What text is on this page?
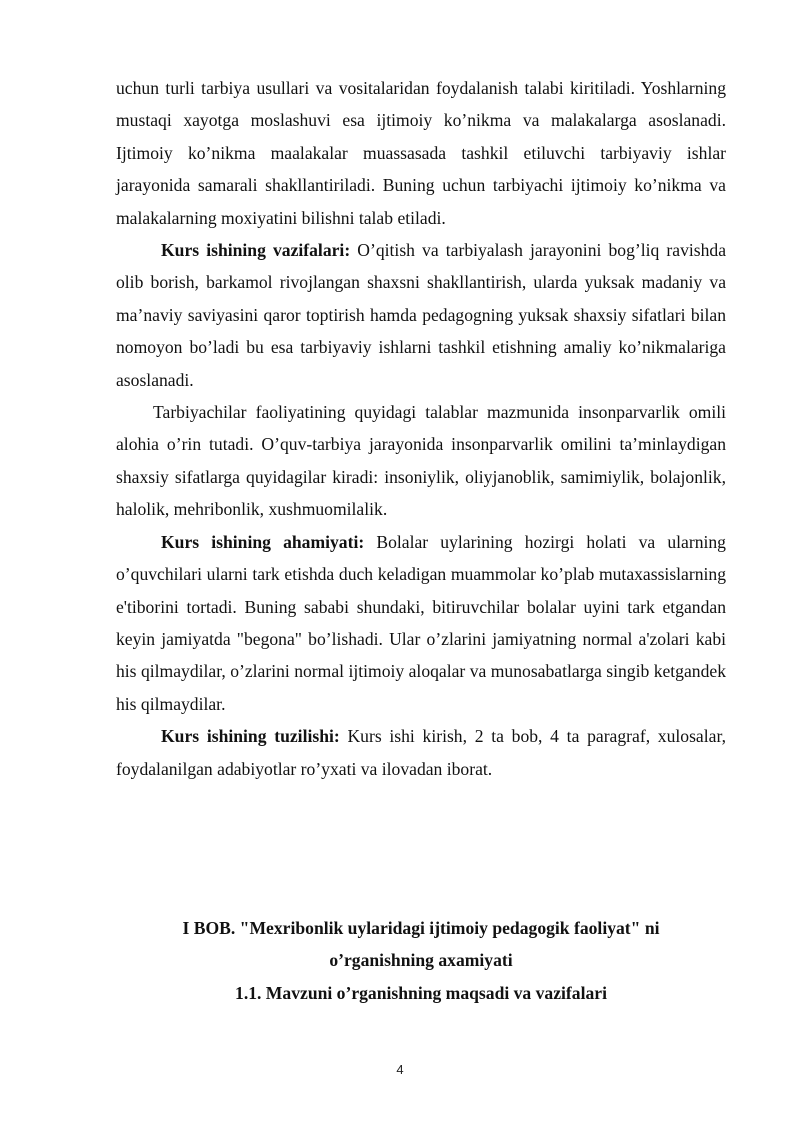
uchun turli tarbiya usullari va vositalaridan foydalanish talabi kiritiladi. Yoshlarning mustaqi xayotga moslashuvi esa ijtimoiy ko’nikma va malakalarga asoslanadi. Ijtimoiy ko’nikma maalakalar muassasada tashkil etiluvchi tarbiyaviy ishlar jarayonida samarali shakllantiriladi. Buning uchun tarbiyachi ijtimoiy ko’nikma va malakalarning moxiyatini bilishni talab etiladi.

Kurs ishining vazifalari: O’qitish va tarbiyalash jarayonini bog’liq ravishda olib borish, barkamol rivojlangan shaxsni shakllantirish, ularda yuksak madaniy va ma’naviy saviyasini qaror toptirish hamda pedagogning yuksak shaxsiy sifatlari bilan nomoyon bo’ladi bu esa tarbiyaviy ishlarni tashkil etishning amaliy ko’nikmalariga asoslanadi.

Tarbiyachilar faoliyatining quyidagi talablar mazmunida insonparvarlik omili alohia o’rin tutadi. O’quv-tarbiya jarayonida insonparvarlik omilini ta’minlaydigan shaxsiy sifatlarga quyidagilar kiradi: insoniylik, oliyjanoblik, samimiylik, bolajonlik, halolik, mehribonlik, xushmuomilalik.

Kurs ishining ahamiyati: Bolalar uylarining hozirgi holati va ularning o’quvchilari ularni tark etishda duch keladigan muammolar ko’plab mutaxassislarning e'tiborini tortadi. Buning sababi shundaki, bitiruvchilar bolalar uyini tark etgandan keyin jamiyatda "begona" bo’lishadi. Ular o’zlarini jamiyatning normal a'zolari kabi his qilmaydilar, o’zlarini normal ijtimoiy aloqalar va munosabatlarga singib ketgandek his qilmaydilar.

Kurs ishining tuzilishi: Kurs ishi kirish, 2 ta bob, 4 ta paragraf, xulosalar, foydalanilgan adabiyotlar ro’yxati va ilovadan iborat.

I BOB. "Mexribonlik uylaridagi ijtimoiy pedagogik faoliyat" ni
o’rganishning axamiyati
1.1. Mavzuni o’rganishning maqsadi va vazifalari
4
